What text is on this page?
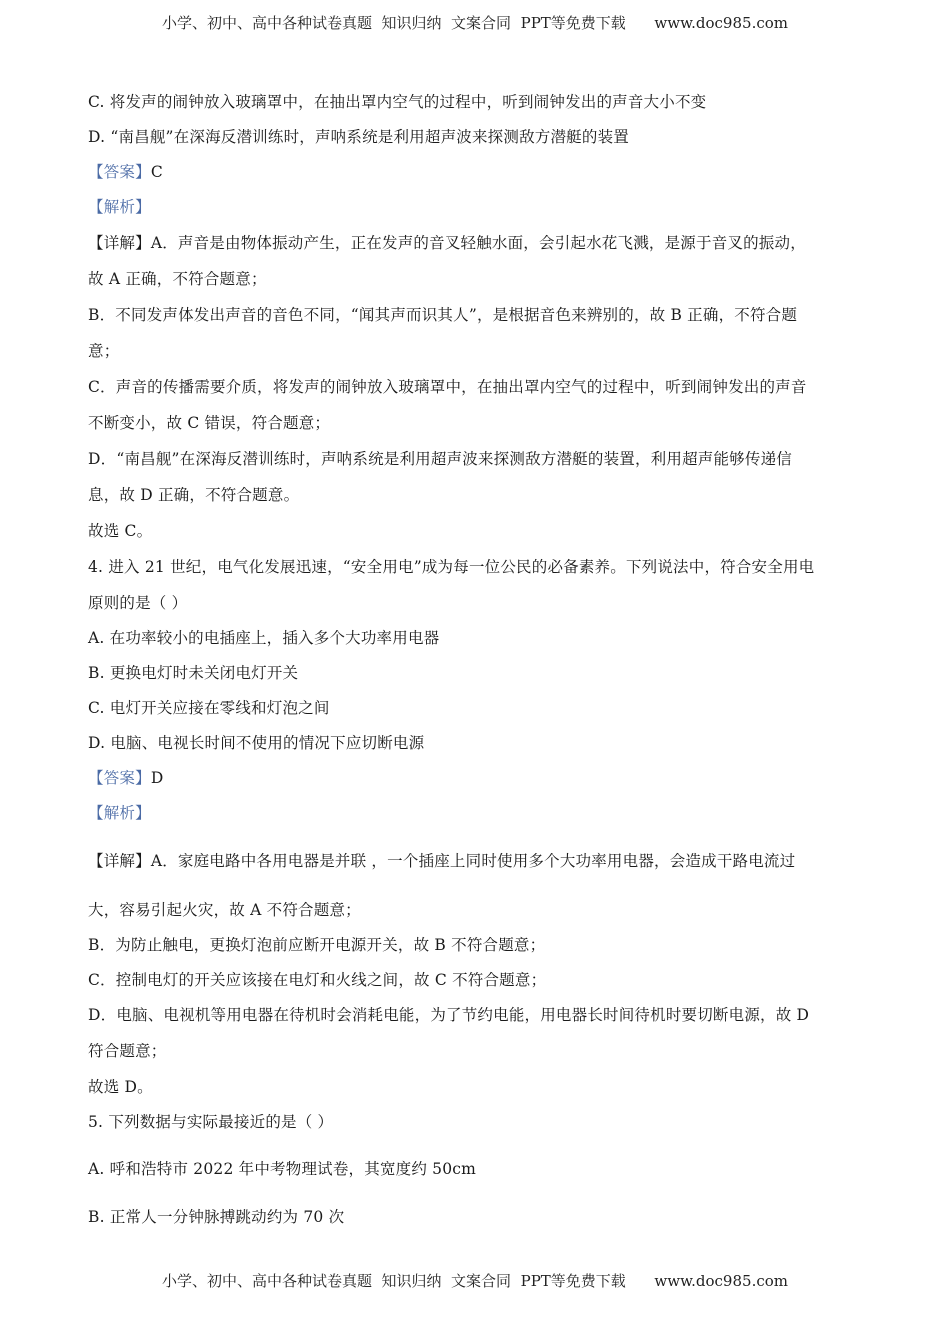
小学、初中、高中各种试卷真题  知识归纳  文案合同  PPT等免费下载      www.doc985.com
C. 将发声的闹钟放入玻璃罩中，在抽出罩内空气的过程中，听到闹钟发出的声音大小不变
D. “南昌舰”在深海反潜训练时，声呐系统是利用超声波来探测敌方潜艇的装置
【答案】C
【解析】
【详解】A．声音是由物体振动产生，正在发声的音叉轻触水面，会引起水花飞溅，是源于音叉的振动，
故 A 正确，不符合题意；
B．不同发声体发出声音的音色不同，“闻其声而识其人”，是根据音色来辨别的，故 B 正确，不符合题
意；
C．声音的传播需要介质，将发声的闹钟放入玻璃罩中，在抽出罩内空气的过程中，听到闹钟发出的声音
不断变小，故 C 错误，符合题意；
D．“南昌舰”在深海反潜训练时，声呐系统是利用超声波来探测敌方潜艇的装置，利用超声能够传递信
息，故 D 正确，不符合题意。
故选 C。
4. 进入 21 世纪，电气化发展迅速，“安全用电”成为每一位公民的必备素养。下列说法中，符合安全用电
原则的是（ ）
A. 在功率较小的电插座上，插入多个大功率用电器
B. 更换电灯时未关闭电灯开关
C. 电灯开关应接在零线和灯泡之间
D. 电脑、电视长时间不使用的情况下应切断电源
【答案】D
【解析】
【详解】A．家庭电路中各用电器是并联 ，一个插座上同时使用多个大功率用电器，会造成干路电流过
大，容易引起火灾，故 A 不符合题意；
B．为防止触电，更换灯泡前应断开电源开关，故 B 不符合题意；
C．控制电灯的开关应该接在电灯和火线之间，故 C 不符合题意；
D．电脑、电视机等用电器在待机时会消耗电能，为了节约电能，用电器长时间待机时要切断电源，故 D
符合题意；
故选 D。
5. 下列数据与实际最接近的是（ ）
A. 呼和浩特市 2022 年中考物理试卷，其宽度约 50cm
B. 正常人一分钟脉搏跳动约为 70 次
小学、初中、高中各种试卷真题  知识归纳  文案合同  PPT等免费下载      www.doc985.com
